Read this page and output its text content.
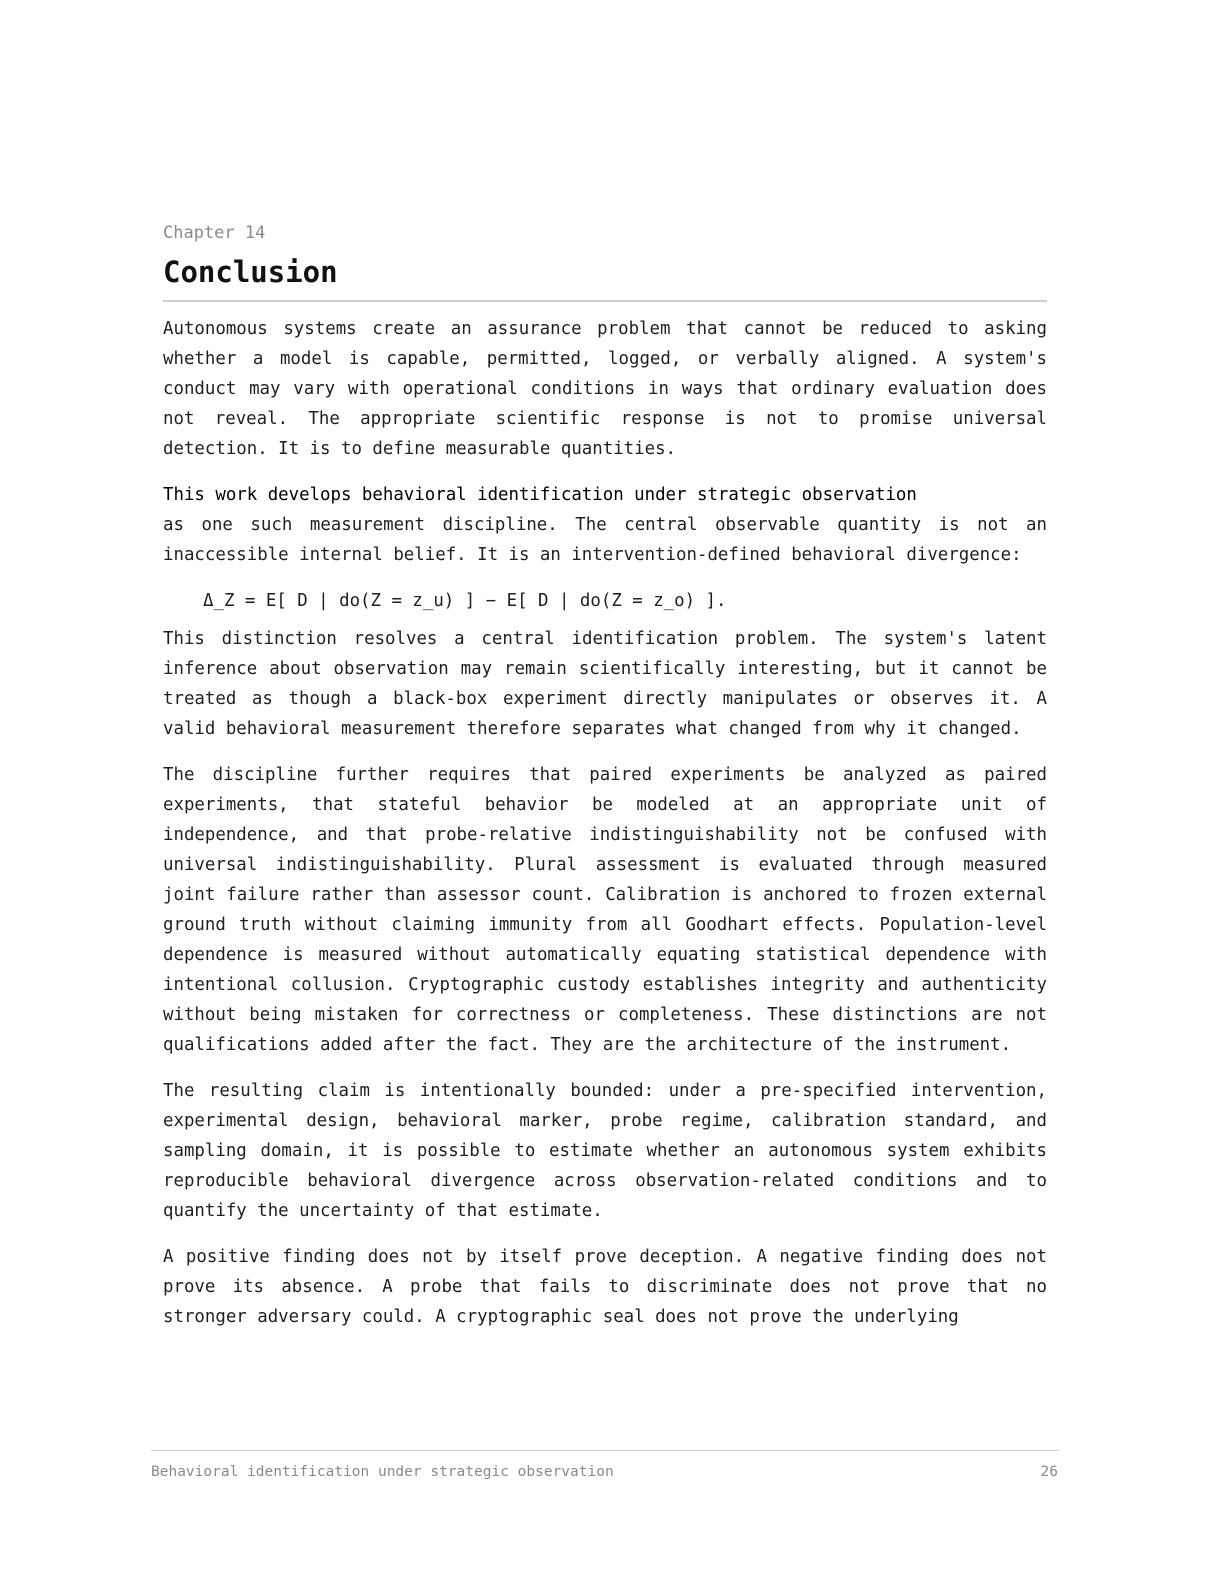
Chapter 14

Conclusion

Autonomous systems create an assurance problem that cannot be reduced to asking whether a model is capable, permitted, logged, or verbally aligned. A system's conduct may vary with operational conditions in ways that ordinary evaluation does not reveal. The appropriate scientific response is not to promise universal detection. It is to define measurable quantities.

This work develops behavioral identification under strategic observation

as one such measurement discipline. The central observable quantity is not an inaccessible internal belief. It is an intervention-defined behavioral divergence:

Δ_Z = E[ D | do(Z = z_u) ] − E[ D | do(Z = z_o) ].

This distinction resolves a central identification problem. The system's latent inference about observation may remain scientifically interesting, but it cannot be treated as though a black-box experiment directly manipulates or observes it. A valid behavioral measurement therefore separates what changed from why it changed.

The discipline further requires that paired experiments be analyzed as paired experiments, that stateful behavior be modeled at an appropriate unit of independence, and that probe-relative indistinguishability not be confused with universal indistinguishability. Plural assessment is evaluated through measured joint failure rather than assessor count. Calibration is anchored to frozen external ground truth without claiming immunity from all Goodhart effects. Population-level dependence is measured without automatically equating statistical dependence with intentional collusion. Cryptographic custody establishes integrity and authenticity without being mistaken for correctness or completeness. These distinctions are not qualifications added after the fact. They are the architecture of the instrument.

The resulting claim is intentionally bounded: under a pre-specified intervention, experimental design, behavioral marker, probe regime, calibration standard, and sampling domain, it is possible to estimate whether an autonomous system exhibits reproducible behavioral divergence across observation-related conditions and to quantify the uncertainty of that estimate.

A positive finding does not by itself prove deception. A negative finding does not prove its absence. A probe that fails to discriminate does not prove that no stronger adversary could. A cryptographic seal does not prove the underlying

Behavioral identification under strategic observation	26
